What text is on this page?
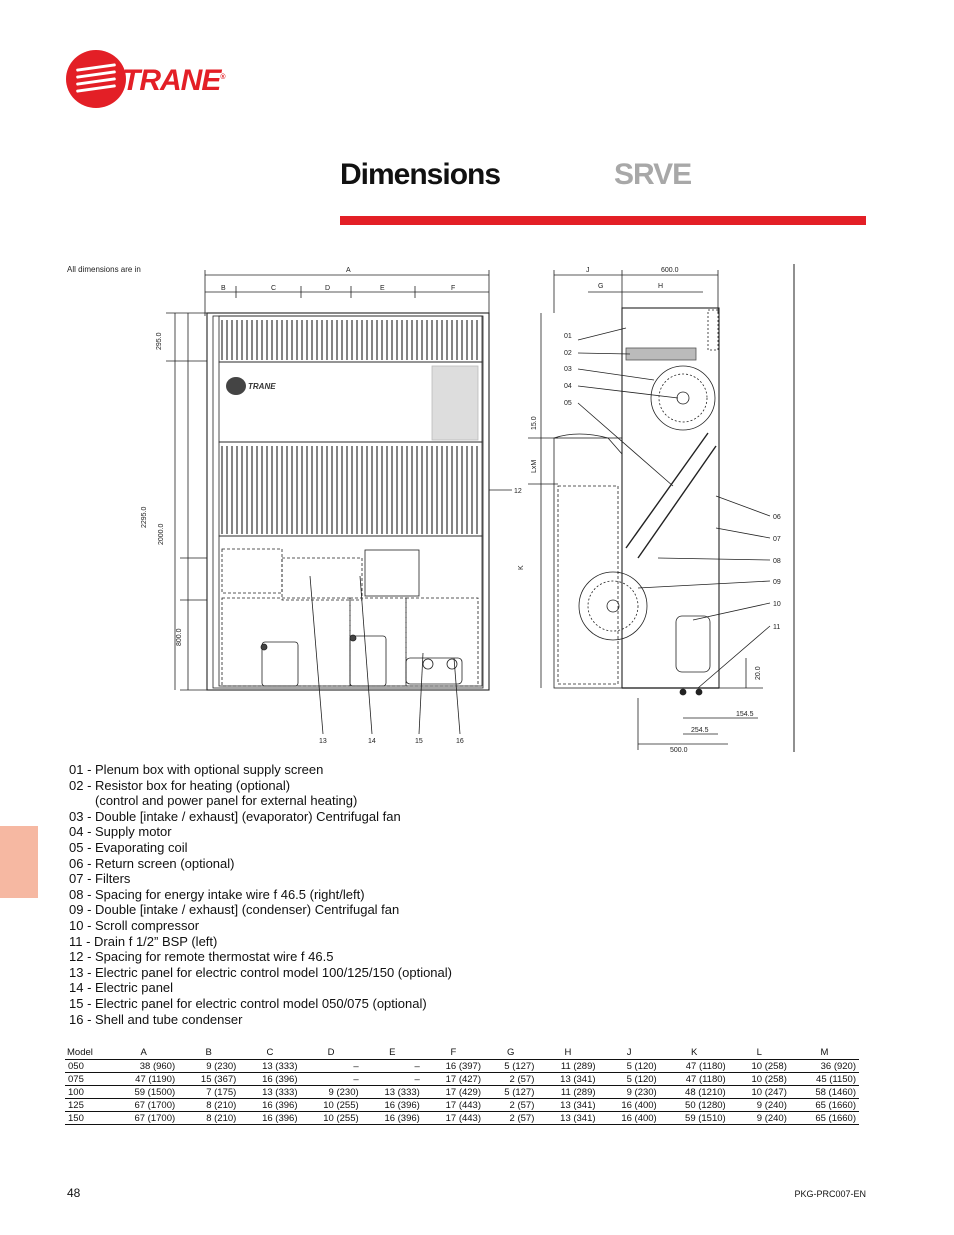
TRANE®
Dimensions	SRVE
All dimensions are in	A
B	C	D	E	F
295.0
2295.0
2000.0
800.0
TRANE
13	14	15	16
12
J	600.0
G	H
15.0
LxM
K
01
02
03
04
05
06
07
08
09
10
11
20.0
154.5
254.5
500.0
01 - Plenum box with optional supply screen
02 - Resistor box for heating (optional)
(control and power panel for external heating)
03 - Double [intake / exhaust] (evaporator) Centrifugal fan
04 - Supply motor
05 - Evaporating coil
06 - Return screen (optional)
07 - Filters
08 - Spacing for energy intake wire f 46.5 (right/left)
09 - Double [intake / exhaust] (condenser) Centrifugal fan
10 - Scroll compressor
11 - Drain f 1/2” BSP (left)
12 - Spacing for remote thermostat wire f 46.5
13 - Electric panel for electric control model 100/125/150 (optional)
14 - Electric panel
15 - Electric panel for electric control model 050/075 (optional)
16 - Shell and tube condenser
Model	A	B	C	D	E	F	G	H	J	K	L	M
050	38 (960)	9 (230)	13 (333)	–	–	16 (397)	5 (127)	11 (289)	5 (120)	47 (1180)	10 (258)	36 (920)
075	47 (1190)	15 (367)	16 (396)	–	–	17 (427)	2 (57)	13 (341)	5 (120)	47 (1180)	10 (258)	45 (1150)
100	59 (1500)	7 (175)	13 (333)	9 (230)	13 (333)	17 (429)	5 (127)	11 (289)	9 (230)	48 (1210)	10 (247)	58 (1460)
125	67 (1700)	8 (210)	16 (396)	10 (255)	16 (396)	17 (443)	2 (57)	13 (341)	16 (400)	50 (1280)	9 (240)	65 (1660)
150	67 (1700)	8 (210)	16 (396)	10 (255)	16 (396)	17 (443)	2 (57)	13 (341)	16 (400)	59 (1510)	9 (240)	65 (1660)
48	PKG-PRC007-EN
